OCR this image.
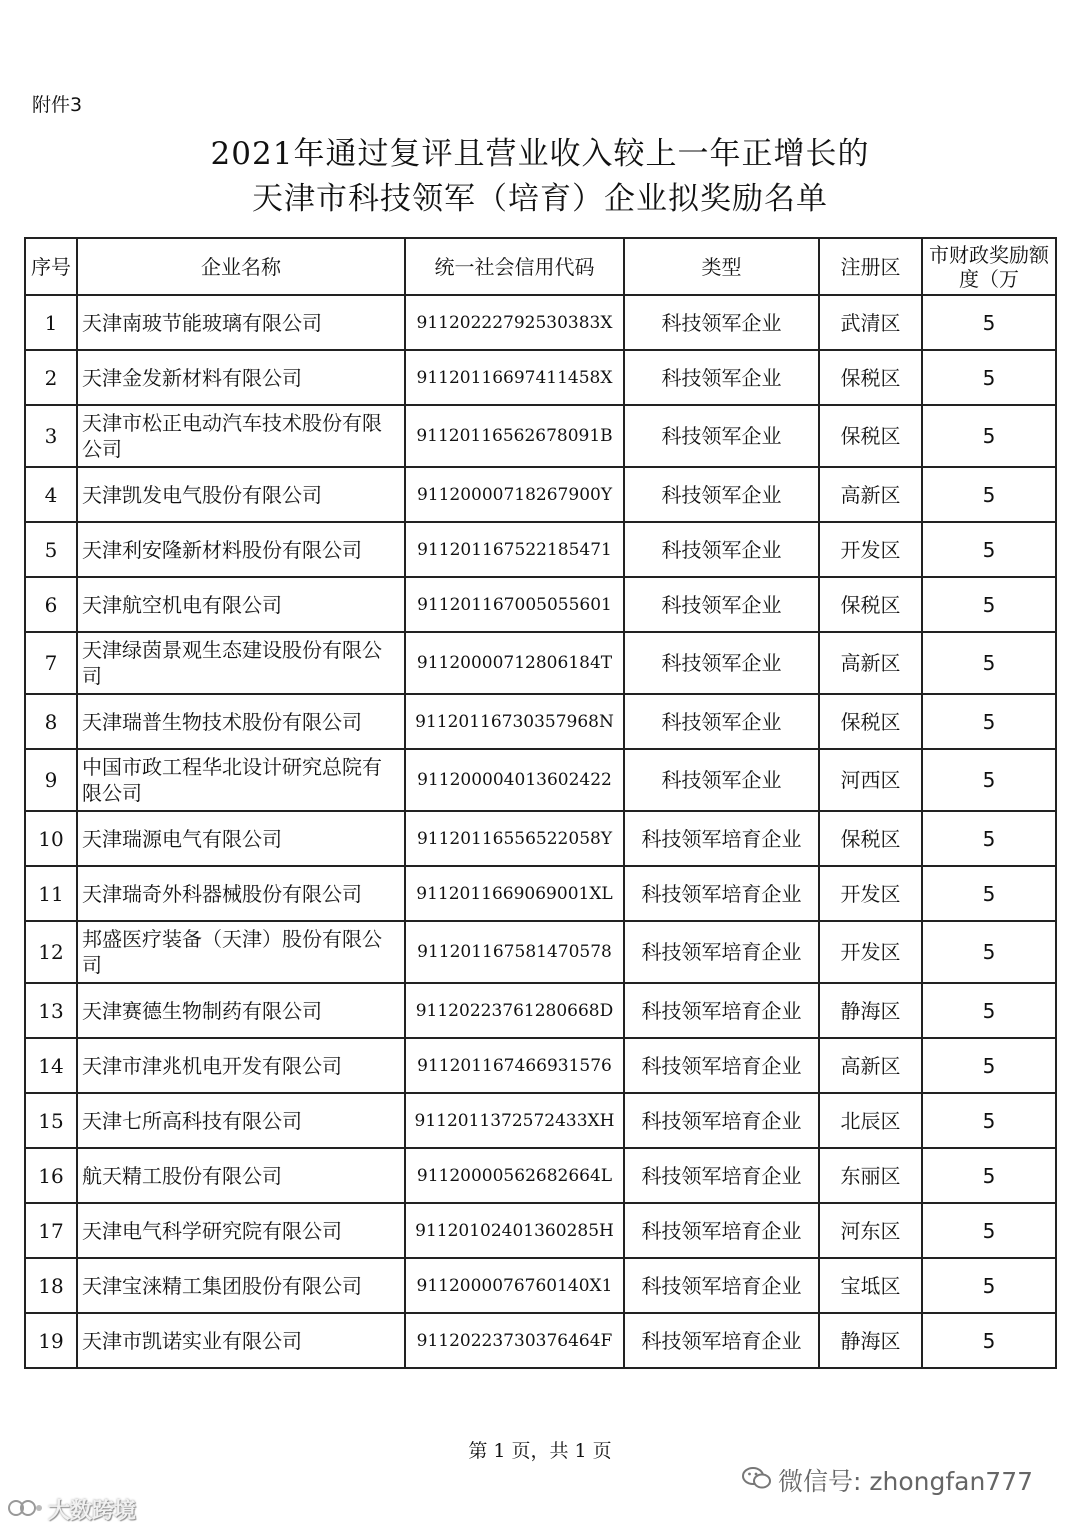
附件3
2021年通过复评且营业收入较上一年正增长的
天津市科技领军（培育）企业拟奖励名单
序号	企业名称	统一社会信用代码	类型	注册区	市财政奖励额度（万
1	天津南玻节能玻璃有限公司	91120222792530383X	科技领军企业	武清区	5
2	天津金发新材料有限公司	91120116697411458X	科技领军企业	保税区	5
3	天津市松正电动汽车技术股份有限公司	91120116562678091B	科技领军企业	保税区	5
4	天津凯发电气股份有限公司	91120000718267900Y	科技领军企业	高新区	5
5	天津利安隆新材料股份有限公司	911201167522185471	科技领军企业	开发区	5
6	天津航空机电有限公司	911201167005055601	科技领军企业	保税区	5
7	天津绿茵景观生态建设股份有限公司	91120000712806184T	科技领军企业	高新区	5
8	天津瑞普生物技术股份有限公司	91120116730357968N	科技领军企业	保税区	5
9	中国市政工程华北设计研究总院有限公司	911200004013602422	科技领军企业	河西区	5
10	天津瑞源电气有限公司	91120116556522058Y	科技领军培育企业	保税区	5
11	天津瑞奇外科器械股份有限公司	9112011669069001XL	科技领军培育企业	开发区	5
12	邦盛医疗装备（天津）股份有限公司	911201167581470578	科技领军培育企业	开发区	5
13	天津赛德生物制药有限公司	91120223761280668D	科技领军培育企业	静海区	5
14	天津市津兆机电开发有限公司	911201167466931576	科技领军培育企业	高新区	5
15	天津七所高科技有限公司	9112011372572433XH	科技领军培育企业	北辰区	5
16	航天精工股份有限公司	91120000562682664L	科技领军培育企业	东丽区	5
17	天津电气科学研究院有限公司	91120102401360285H	科技领军培育企业	河东区	5
18	天津宝涞精工集团股份有限公司	9112000076760140X1	科技领军培育企业	宝坻区	5
19	天津市凯诺实业有限公司	91120223730376464F	科技领军培育企业	静海区	5
第 1 页，共 1 页
微信号: zhongfan777
大数跨境
